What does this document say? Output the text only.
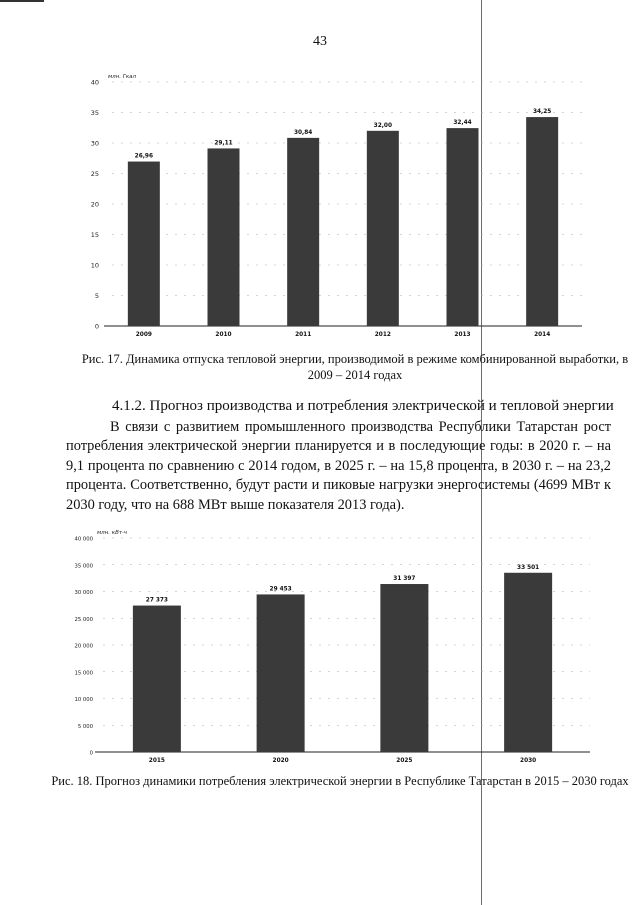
43
0
5
10
15
20
25
30
35
40
млн. Гкал
26,96
2009
29,11
2010
30,84
2011
32,00
2012
32,44
2013
34,25
2014
Рис. 17. Динамика отпуска тепловой энергии, производимой в режиме комбинированной выработки, в 2009 – 2014 годах
4.1.2. Прогноз производства и потребления электрической и тепловой энергии
В связи с развитием промышленного производства Республики Татарстан рост потребления электрической энергии планируется и в последующие годы: в 2020 г. – на 9,1 процента по сравнению с 2014 годом, в 2025 г. – на 15,8 процента, в 2030 г. – на 23,2 процента. Соответственно, будут расти и пиковые нагрузки энергосистемы (4699 МВт к 2030 году, что на 688 МВт выше показателя 2013 года).
0
5 000
10 000
15 000
20 000
25 000
30 000
35 000
40 000
млн. кВт·ч
27 373
2015
29 453
2020
31 397
2025
33 501
2030
Рис. 18. Прогноз динамики потребления электрической энергии в Республике Татарстан в 2015 – 2030 годах
